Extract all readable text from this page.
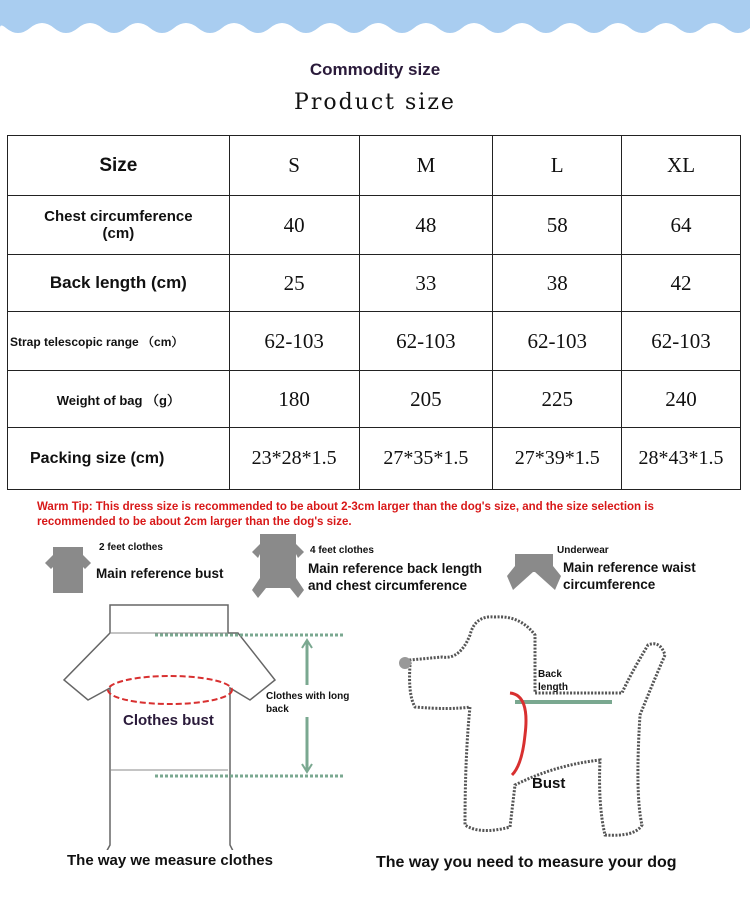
Commodity size
Product size
Size	S	M	L	XL
Chest circumference (cm)	40	48	58	64
Back length (cm)	25	33	38	42
Strap telescopic range （cm）	62-103	62-103	62-103	62-103
Weight of bag （g）	180	205	225	240
Packing size (cm)	23*28*1.5	27*35*1.5	27*39*1.5	28*43*1.5
Warm Tip: This dress size is recommended to be about 2-3cm larger than the dog's size, and the size selection is recommended to be about 2cm larger than the dog's size.
2 feet clothes
Main reference bust
4 feet clothes
Main reference back length and chest circumference
Underwear
Main reference waist circumference
Clothes bust
Clothes with long back
The way we measure clothes
Back length
Bust
The way you need to measure your dog
